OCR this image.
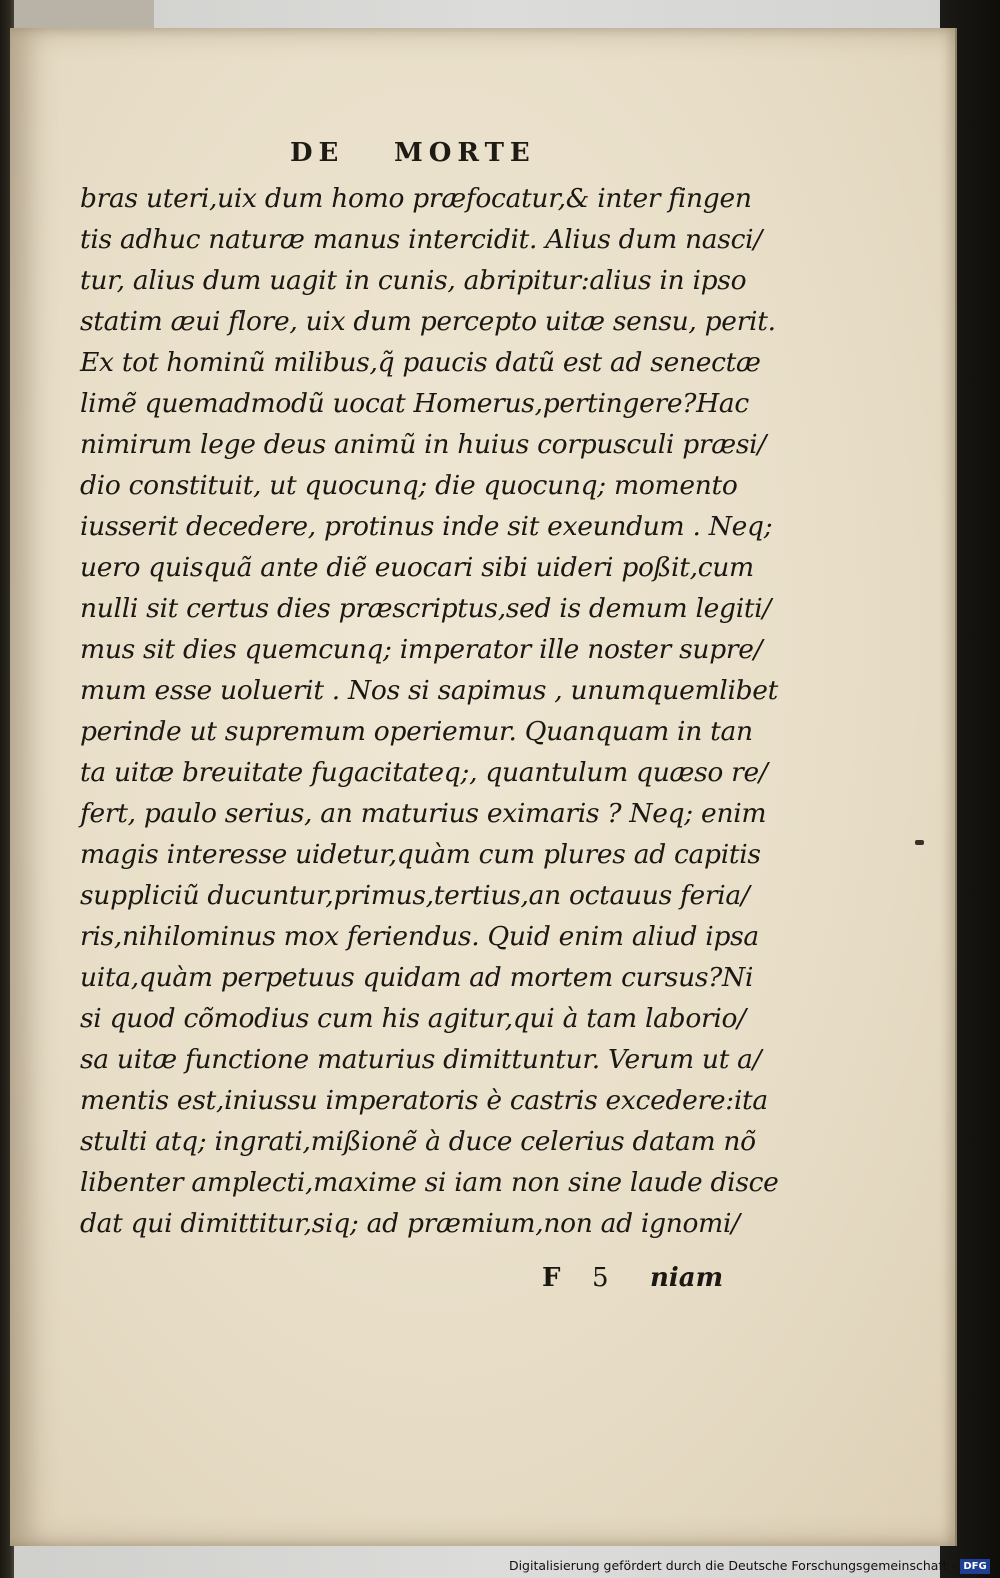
DE MORTE
bras uteri,uix dum homo præfocatur,& inter fingen
tis adhuc naturæ manus intercidit. Alius dum nasci/
tur, alius dum uagit in cunis, abripitur:alius in ipso
statim æui flore, uix dum percepto uitæ sensu, perit.
Ex tot hominũ milibus,q̃ paucis datũ est ad senectæ
limẽ quemadmodũ uocat Homerus,pertingere?Hac
nimirum lege deus animũ in huius corpusculi præsi/
dio constituit, ut quocunq; die quocunq; momento
iusserit decedere, protinus inde sit exeundum . Neq;
uero quisquã ante diẽ euocari sibi uideri poßit,cum
nulli sit certus dies præscriptus,sed is demum legiti/
mus sit dies quemcunq; imperator ille noster supre/
mum esse uoluerit . Nos si sapimus , unumquemlibet
perinde ut supremum operiemur. Quanquam in tan
ta uitæ breuitate fugacitateq;, quantulum quæso re/
fert, paulo serius, an maturius eximaris ? Neq; enim
magis interesse uidetur,quàm cum plures ad capitis
suppliciũ ducuntur,primus,tertius,an octauus feria/
ris,nihilominus mox feriendus. Quid enim aliud ipsa
uita,quàm perpetuus quidam ad mortem cursus?Ni
si quod cõmodius cum his agitur,qui à tam laborio/
sa uitæ functione maturius dimittuntur. Verum ut a/
mentis est,iniussu imperatoris è castris excedere:ita
stulti atq; ingrati,mißionẽ à duce celerius datam nõ
libenter amplecti,maxime si iam non sine laude disce
dat qui dimittitur,siq; ad præmium,non ad ignomi/
F 5 niam
Digitalisierung gefördert durch die Deutsche Forschungsgemeinschaft - DFG
